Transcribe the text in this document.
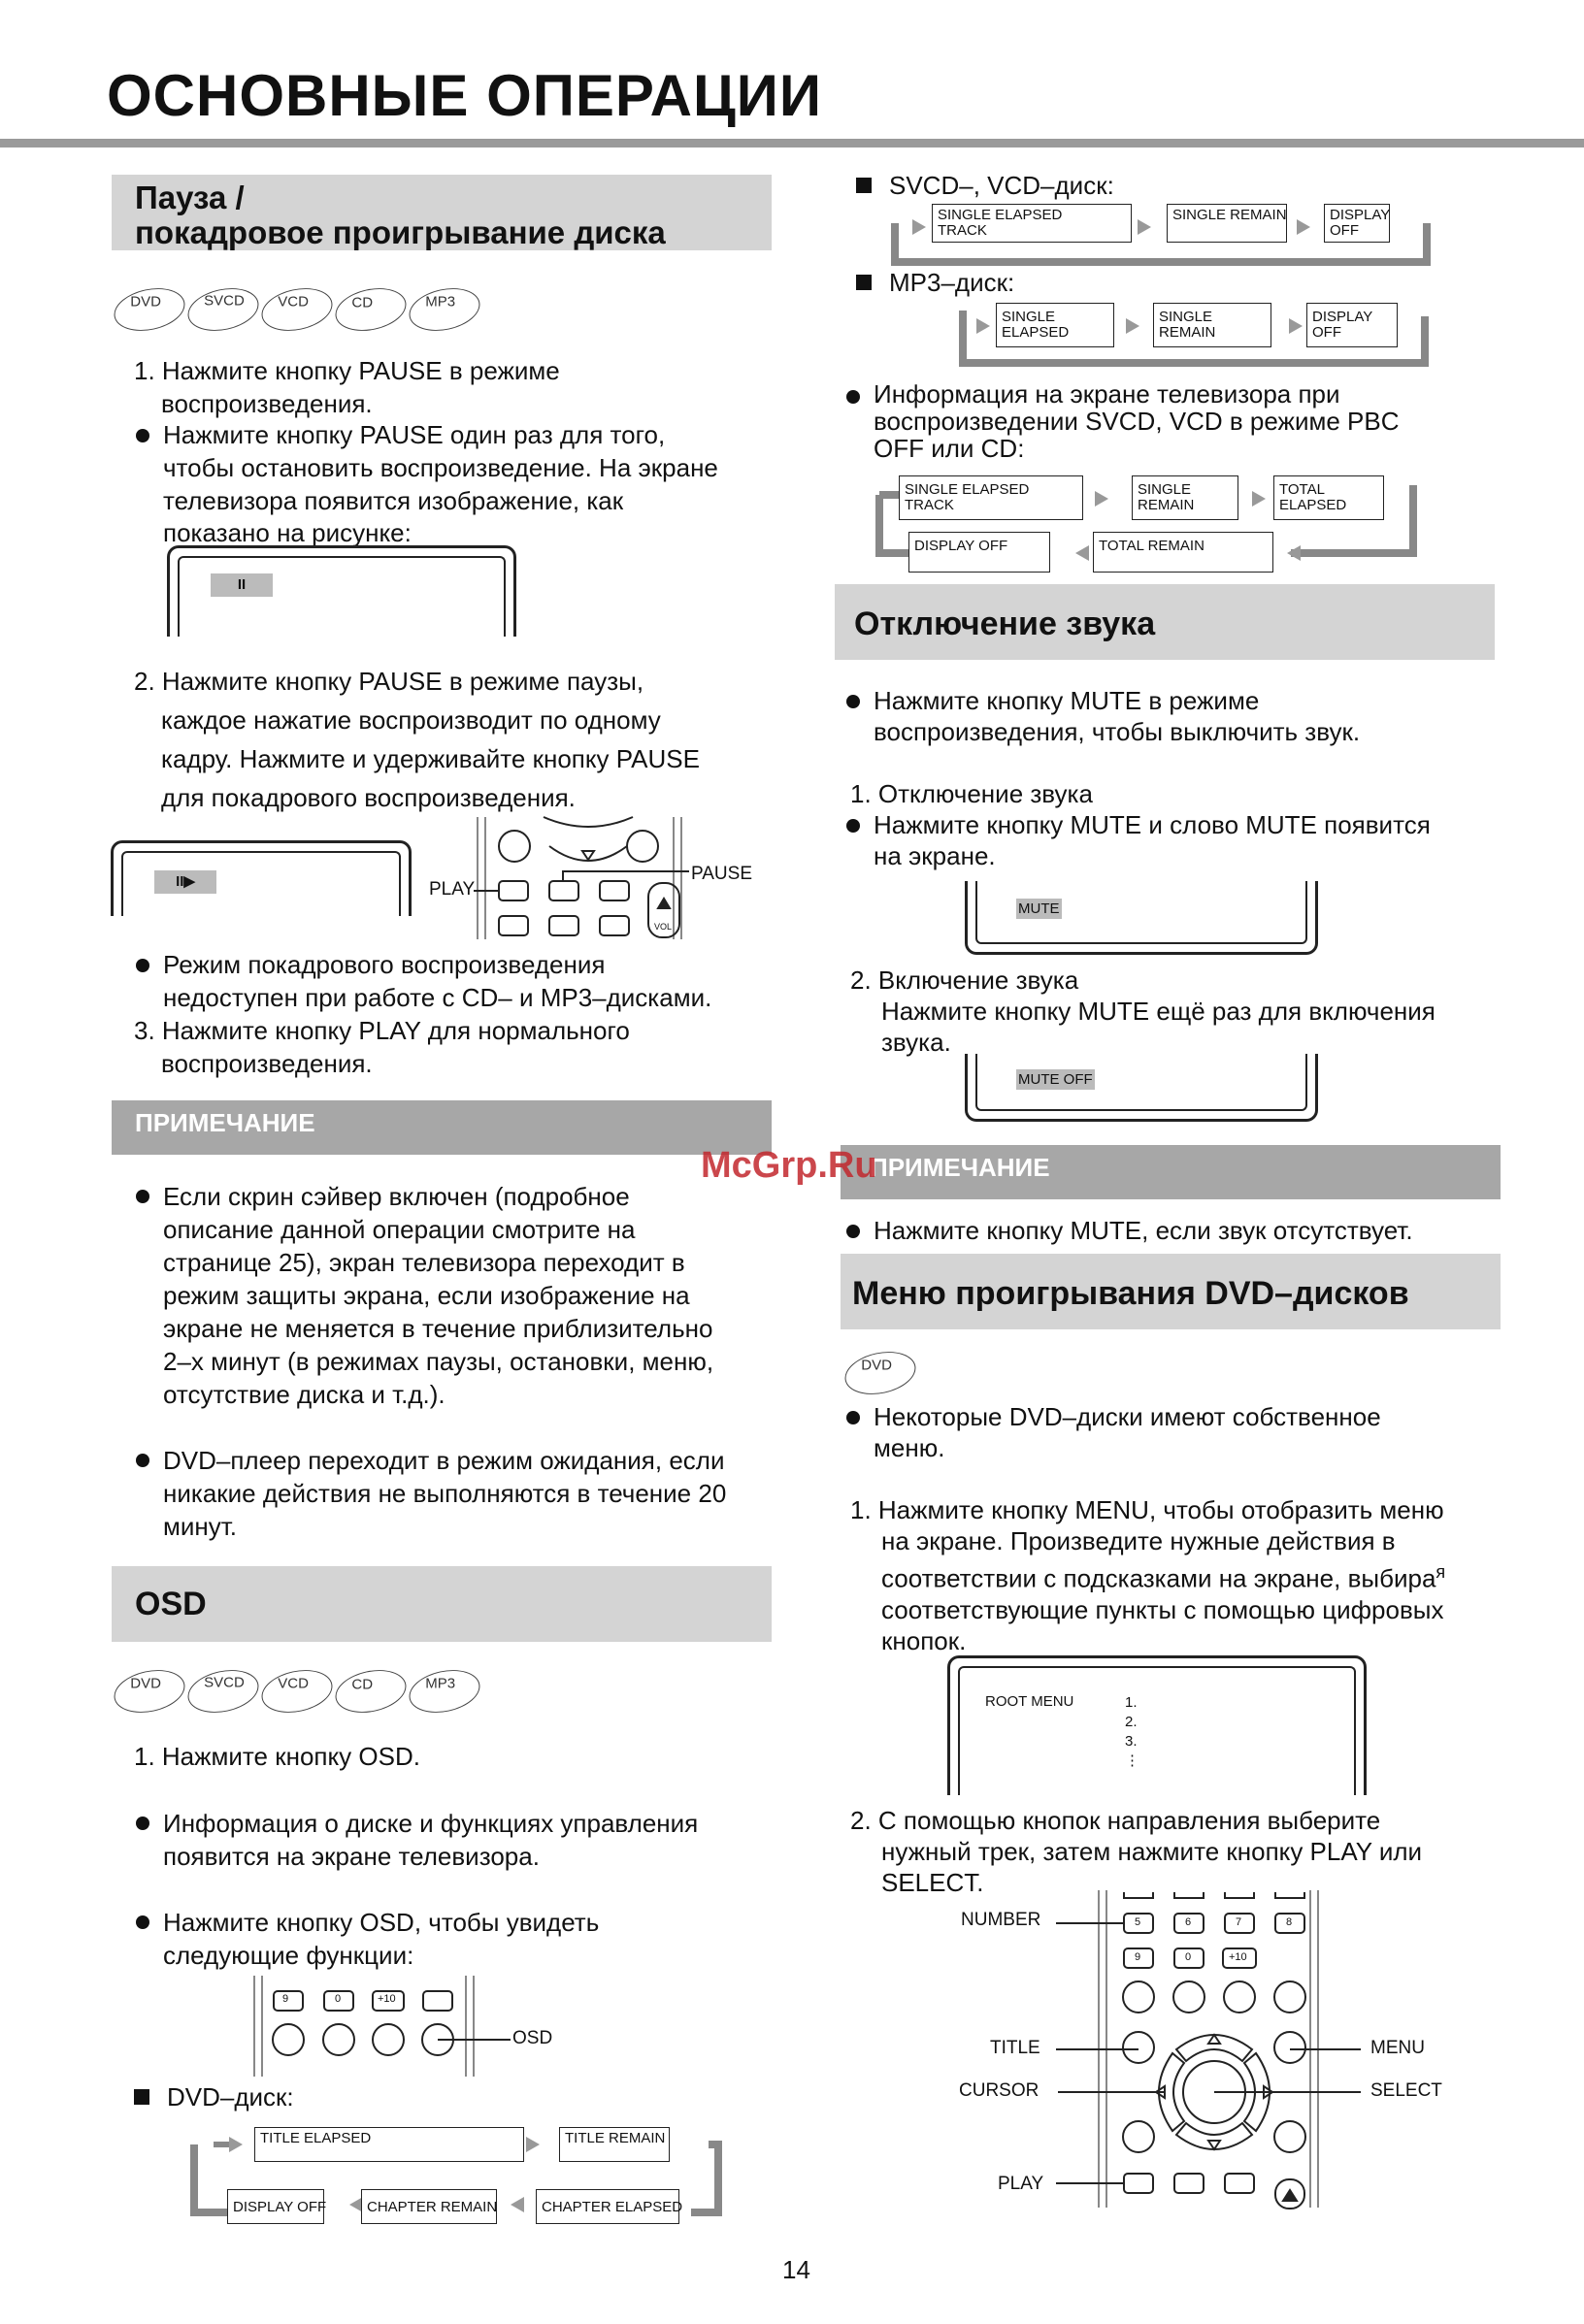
ОСНОВНЫЕ ОПЕРАЦИИ
Пауза /
покадровое проигрывание диска
DVD	SVCD VCD	CD	MP3

1. Нажмите кнопку PAUSE в режиме

воспроизведения.

Нажмите кнопку PAUSE один раз для того,

чтобы остановить воспроизведение. На экране

телевизора появится изображение, как

показано на рисунке:

II

2. Нажмите кнопку PAUSE в режиме паузы,

каждое нажатие воспроизводит по одному

кадру. Нажмите и удерживайте кнопку PAUSE

для покадрового воспроизведения.

II▶	PLAY
PAUSE
VOL
9	0	+10
OSD

Режим покадрового воспроизведения

недоступен при работе с CD– и MP3–дисками.

3. Нажмите кнопку PLAY для нормального

воспроизведения.

ПРИМЕЧАНИЕ

Если скрин сэйвер включен (подробное

описание данной операции смотрите на

странице 25), экран телевизора переходит в

режим защиты экрана, если изображение на

экране не меняется в течение приблизительно

2–х минут (в режимах паузы, остановки, меню,

отсутствие диска и т.д.).

DVD–плеер переходит в режим ожидания, если

никакие действия не выполняются в течение 20

минут.

OSD
DVD	SVCD VCD	CD	MP3

1. Нажмите кнопку OSD.

Информация о диске и функциях управления

появится на экране телевизора.

Нажмите кнопку OSD, чтобы увидеть

следующие функции:

DVD–диск:

TITLE ELAPSED	TITLE REMAIN

CHAPTER ELAPSED

CHAPTER REMAIN

DISPLAY OFF

SVCD–, VCD–диск:

SINGLE ELAPSED

TRACK

SINGLE REMAIN	DISPLAY

OFF

MP3–диск:

SINGLE

ELAPSED

SINGLE

REMAIN

DISPLAY

OFF

Информация на экране телевизора при

воспроизведении SVCD, VCD в режиме PBC

OFF или CD:

SINGLE ELAPSED

TRACK

SINGLE

REMAIN

TOTAL

ELAPSED

TOTAL REMAIN

DISPLAY OFF

Отключение звука

Нажмите кнопку MUTE в режиме

воспроизведения, чтобы выключить звук.

1. Отключение звука

Нажмите кнопку MUTE и слово MUTE появится

на экране.

MUTE

2. Включение звука

Нажмите кнопку MUTE ещё раз для включения

звука.

MUTE OFF
ПРИМЕЧАНИЕ
McGrp.Ru

Нажмите кнопку MUTE, если звук отсутствует.

Меню проигрывания DVD–дисков
DVD

Некоторые DVD–диски имеют собственное

меню.

1. Нажмите кнопку MENU, чтобы отобразить меню

на экране. Произведите нужные действия в

соответствии с подсказками на экране, выбира$^я$

соответствующие пункты с помощью цифровых

кнопок.

ROOT MENU	1.

2.

3.

⋮

2. С помощью кнопок направления выберите

нужный трек, затем нажмите кнопку PLAY или

SELECT.

NUMBER
TITLE
CURSOR
PLAY
MENU
SELECT
5	6	7	8
9	0	+10
14
